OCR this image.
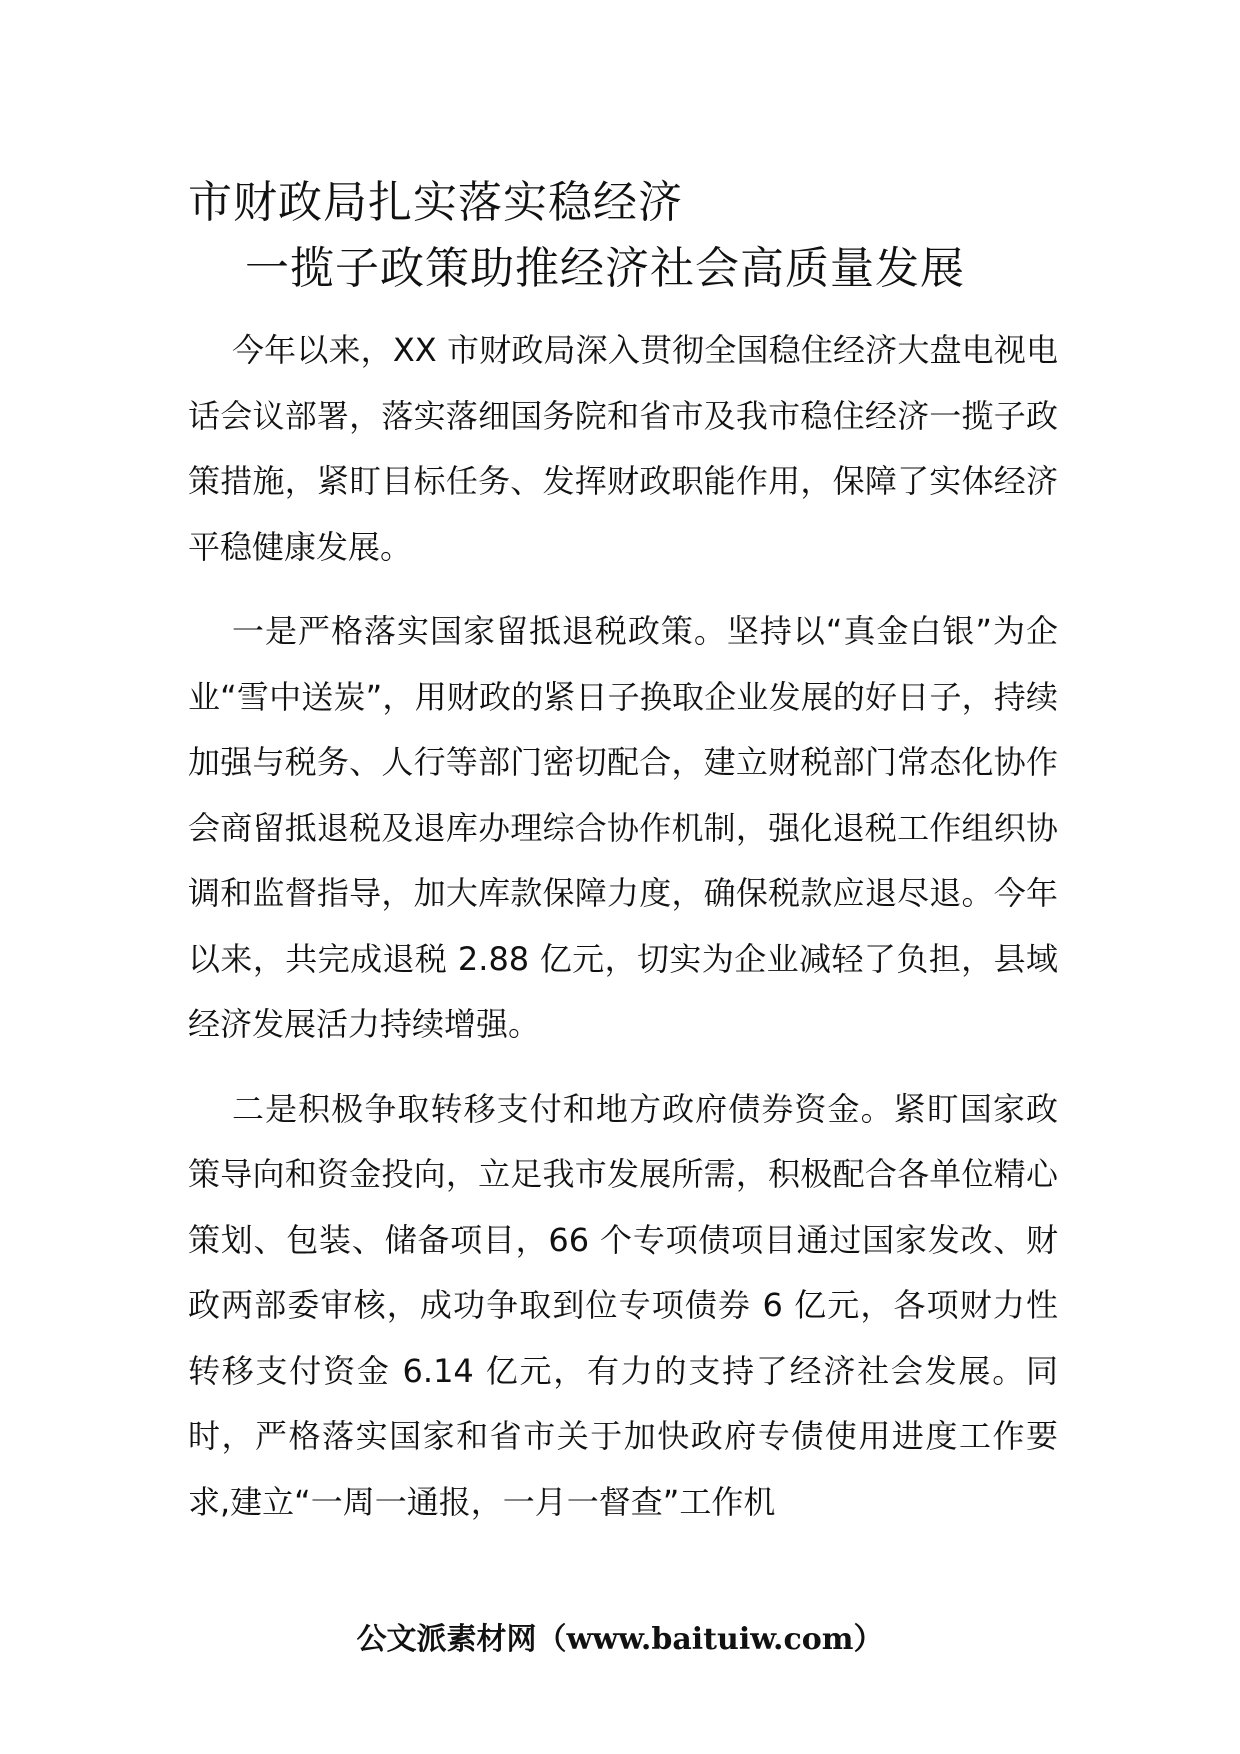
市财政局扎实落实稳经济
一揽子政策助推经济社会高质量发展

今年以来，XX 市财政局深入贯彻全国稳住经济大盘电视电话会议部署，落实落细国务院和省市及我市稳住经济一揽子政策措施，紧盯目标任务、发挥财政职能作用，保障了实体经济平稳健康发展。

一是严格落实国家留抵退税政策。坚持以“真金白银”为企业“雪中送炭”，用财政的紧日子换取企业发展的好日子，持续加强与税务、人行等部门密切配合，建立财税部门常态化协作会商留抵退税及退库办理综合协作机制，强化退税工作组织协调和监督指导，加大库款保障力度，确保税款应退尽退。今年以来，共完成退税 2.88 亿元，切实为企业减轻了负担，县域经济发展活力持续增强。

二是积极争取转移支付和地方政府债券资金。紧盯国家政策导向和资金投向，立足我市发展所需，积极配合各单位精心策划、包装、储备项目，66 个专项债项目通过国家发改、财政两部委审核，成功争取到位专项债券 6 亿元，各项财力性转移支付资金 6.14 亿元，有力的支持了经济社会发展。同时，严格落实国家和省市关于加快政府专债使用进度工作要求,建立“一周一通报，一月一督查”工作机

公文派素材网（www.baituiw.com）
